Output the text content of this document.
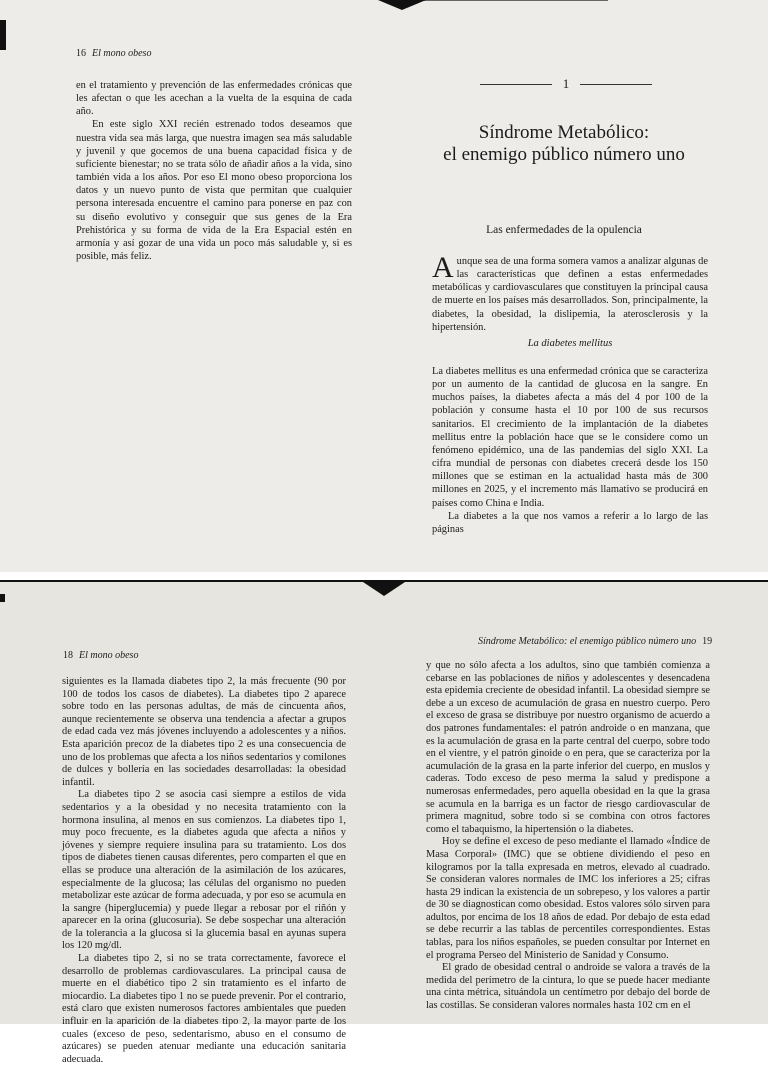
16 El mono obeso

en el tratamiento y prevención de las enfermedades crónicas que les afectan o que les acechan a la vuelta de la esquina de cada año.

En este siglo XXI recién estrenado todos deseamos que nuestra vida sea más larga, que nuestra imagen sea más saludable y juvenil y que gocemos de una buena capacidad física y de suficiente bienestar; no se trata sólo de añadir años a la vida, sino también vida a los años. Por eso El mono obeso proporciona los datos y un nuevo punto de vista que permitan que cualquier persona interesada encuentre el camino para ponerse en paz con su diseño evolutivo y conseguir que sus genes de la Era Prehistórica y su forma de vida de la Era Espacial estén en armonía y así gozar de una vida un poco más saludable y, si es posible, más feliz.

1
Síndrome Metabólico:
el enemigo público número uno
Las enfermedades de la opulencia

Aunque sea de una forma somera vamos a analizar algunas de las características que definen a estas enfermedades metabólicas y cardiovasculares que constituyen la principal causa de muerte en los países más desarrollados. Son, principalmente, la diabetes, la obesidad, la dislipemia, la aterosclerosis y la hipertensión.

La diabetes mellitus

La diabetes mellitus es una enfermedad crónica que se caracteriza por un aumento de la cantidad de glucosa en la sangre. En muchos países, la diabetes afecta a más del 4 por 100 de la población y consume hasta el 10 por 100 de sus recursos sanitarios. El crecimiento de la implantación de la diabetes mellitus entre la población hace que se le considere como un fenómeno epidémico, una de las pandemias del siglo XXI. La cifra mundial de personas con diabetes crecerá desde los 150 millones que se estiman en la actualidad hasta más de 300 millones en 2025, y el incremento más llamativo se producirá en países como China e India.

La diabetes a la que nos vamos a referir a lo largo de las páginas

18 El mono obeso

siguientes es la llamada diabetes tipo 2, la más frecuente (90 por 100 de todos los casos de diabetes). La diabetes tipo 2 aparece sobre todo en las personas adultas, de más de cincuenta años, aunque recientemente se observa una tendencia a afectar a grupos de edad cada vez más jóvenes incluyendo a adolescentes y a niños. Esta aparición precoz de la diabetes tipo 2 es una consecuencia de uno de los problemas que afecta a los niños sedentarios y comilones de dulces y bollería en las sociedades desarrolladas: la obesidad infantil.

La diabetes tipo 2 se asocia casi siempre a estilos de vida sedentarios y a la obesidad y no necesita tratamiento con la hormona insulina, al menos en sus comienzos. La diabetes tipo 1, muy poco frecuente, es la diabetes aguda que afecta a niños y jóvenes y siempre requiere insulina para su tratamiento. Los dos tipos de diabetes tienen causas diferentes, pero comparten el que en ellas se produce una alteración de la asimilación de los azúcares, especialmente de la glucosa; las células del organismo no pueden metabolizar este azúcar de forma adecuada, y por eso se acumula en la sangre (hiperglucemia) y puede llegar a rebosar por el riñón y aparecer en la orina (glucosuria). Se debe sospechar una alteración de la tolerancia a la glucosa si la glucemia basal en ayunas supera los 120 mg/dl.

La diabetes tipo 2, si no se trata correctamente, favorece el desarrollo de problemas cardiovasculares. La principal causa de muerte en el diabético tipo 2 sin tratamiento es el infarto de miocardio. La diabetes tipo 1 no se puede prevenir. Por el contrario, está claro que existen numerosos factores ambientales que pueden influir en la aparición de la diabetes tipo 2, la mayor parte de los cuales (exceso de peso, sedentarismo, abuso en el consumo de azúcares) se pueden atenuar mediante una educación sanitaria adecuada.

Síndrome Metabólico: el enemigo público número uno 19

y que no sólo afecta a los adultos, sino que también comienza a cebarse en las poblaciones de niños y adolescentes y desencadena esta epidemia creciente de obesidad infantil. La obesidad siempre se debe a un exceso de acumulación de grasa en nuestro cuerpo. Pero el exceso de grasa se distribuye por nuestro organismo de acuerdo a dos patrones fundamentales: el patrón androide o en manzana, que es la acumulación de grasa en la parte central del cuerpo, sobre todo en el vientre, y el patrón ginoide o en pera, que se caracteriza por la acumulación de la grasa en la parte inferior del cuerpo, en muslos y caderas. Todo exceso de peso merma la salud y predispone a numerosas enfermedades, pero aquella obesidad en la que la grasa se acumula en la barriga es un factor de riesgo cardiovascular de primera magnitud, sobre todo si se combina con otros factores como el tabaquismo, la hipertensión o la diabetes.

Hoy se define el exceso de peso mediante el llamado «Índice de Masa Corporal» (IMC) que se obtiene dividiendo el peso en kilogramos por la talla expresada en metros, elevado al cuadrado. Se consideran valores normales de IMC los inferiores a 25; cifras hasta 29 indican la existencia de un sobrepeso, y los valores a partir de 30 se diagnostican como obesidad. Estos valores sólo sirven para adultos, por encima de los 18 años de edad. Por debajo de esta edad se debe recurrir a las tablas de percentiles correspondientes. Estas tablas, para los niños españoles, se pueden consultar por Internet en el programa Perseo del Ministerio de Sanidad y Consumo.

El grado de obesidad central o androide se valora a través de la medida del perímetro de la cintura, lo que se puede hacer mediante una cinta métrica, situándola un centímetro por debajo del borde de las costillas. Se consideran valores normales hasta 102 cm en el
